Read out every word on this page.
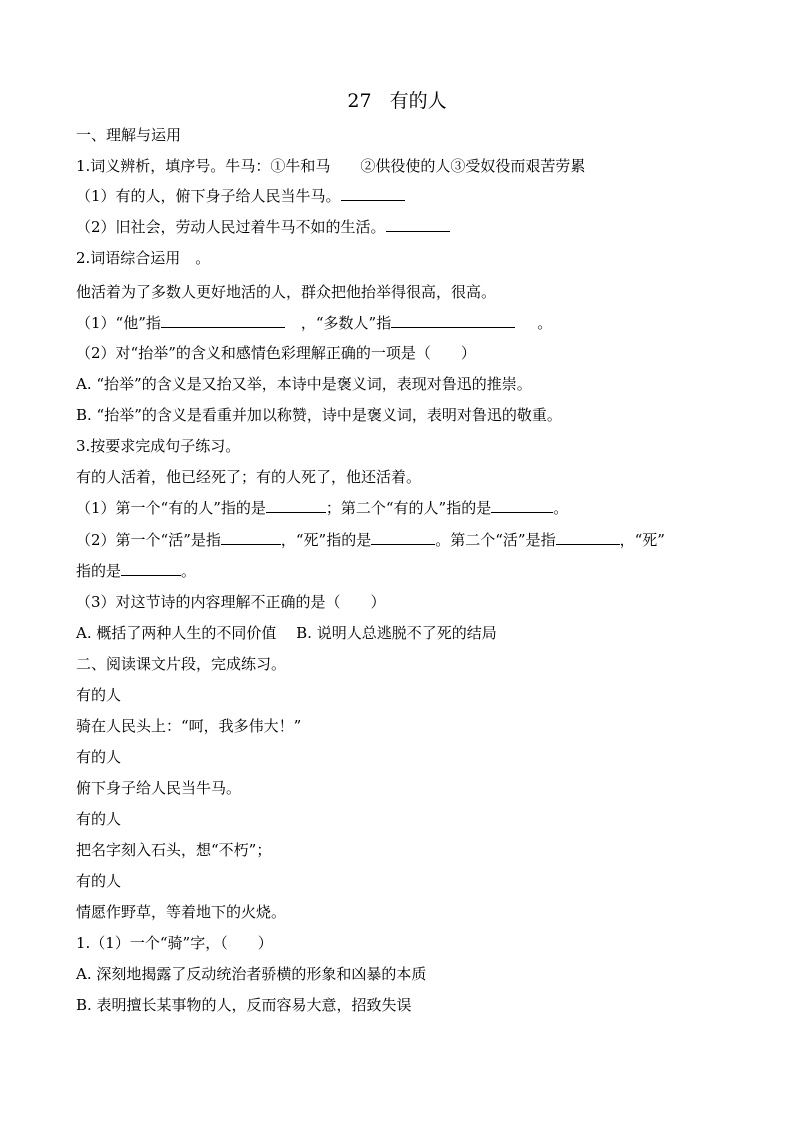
27 有的人
一、理解与运用
1.词义辨析，填序号。牛马：①牛和马　　②供役使的人③受奴役而艰苦劳累
（1）有的人，俯下身子给人民当牛马。
（2）旧社会，劳动人民过着牛马不如的生活。
2.词语综合运用　。
他活着为了多数人更好地活的人，群众把他抬举得很高，很高。
（1）“他”指	，“多数人”指	。
（2）对“抬举”的含义和感情色彩理解正确的一项是（　　）
A. “抬举”的含义是又抬又举，本诗中是褒义词，表现对鲁迅的推崇。
B. “抬举”的含义是看重并加以称赞，诗中是褒义词，表明对鲁迅的敬重。
3.按要求完成句子练习。
有的人活着，他已经死了；有的人死了，他还活着。
（1）第一个“有的人”指的是	；第二个“有的人”指的是	。
（2）第一个“活”是指	，“死”指的是	。第二个“活”是指	，“死”
指的是	。
（3）对这节诗的内容理解不正确的是（　　）
A. 概括了两种人生的不同价值　 B. 说明人总逃脱不了死的结局
二、阅读课文片段，完成练习。
有的人
骑在人民头上：“呵，我多伟大！”
有的人
俯下身子给人民当牛马。
有的人
把名字刻入石头，想“不朽”；
有的人
情愿作野草，等着地下的火烧。
1.（1）一个“骑”字，（　　）
A. 深刻地揭露了反动统治者骄横的形象和凶暴的本质
B. 表明擅长某事物的人，反而容易大意，招致失误
